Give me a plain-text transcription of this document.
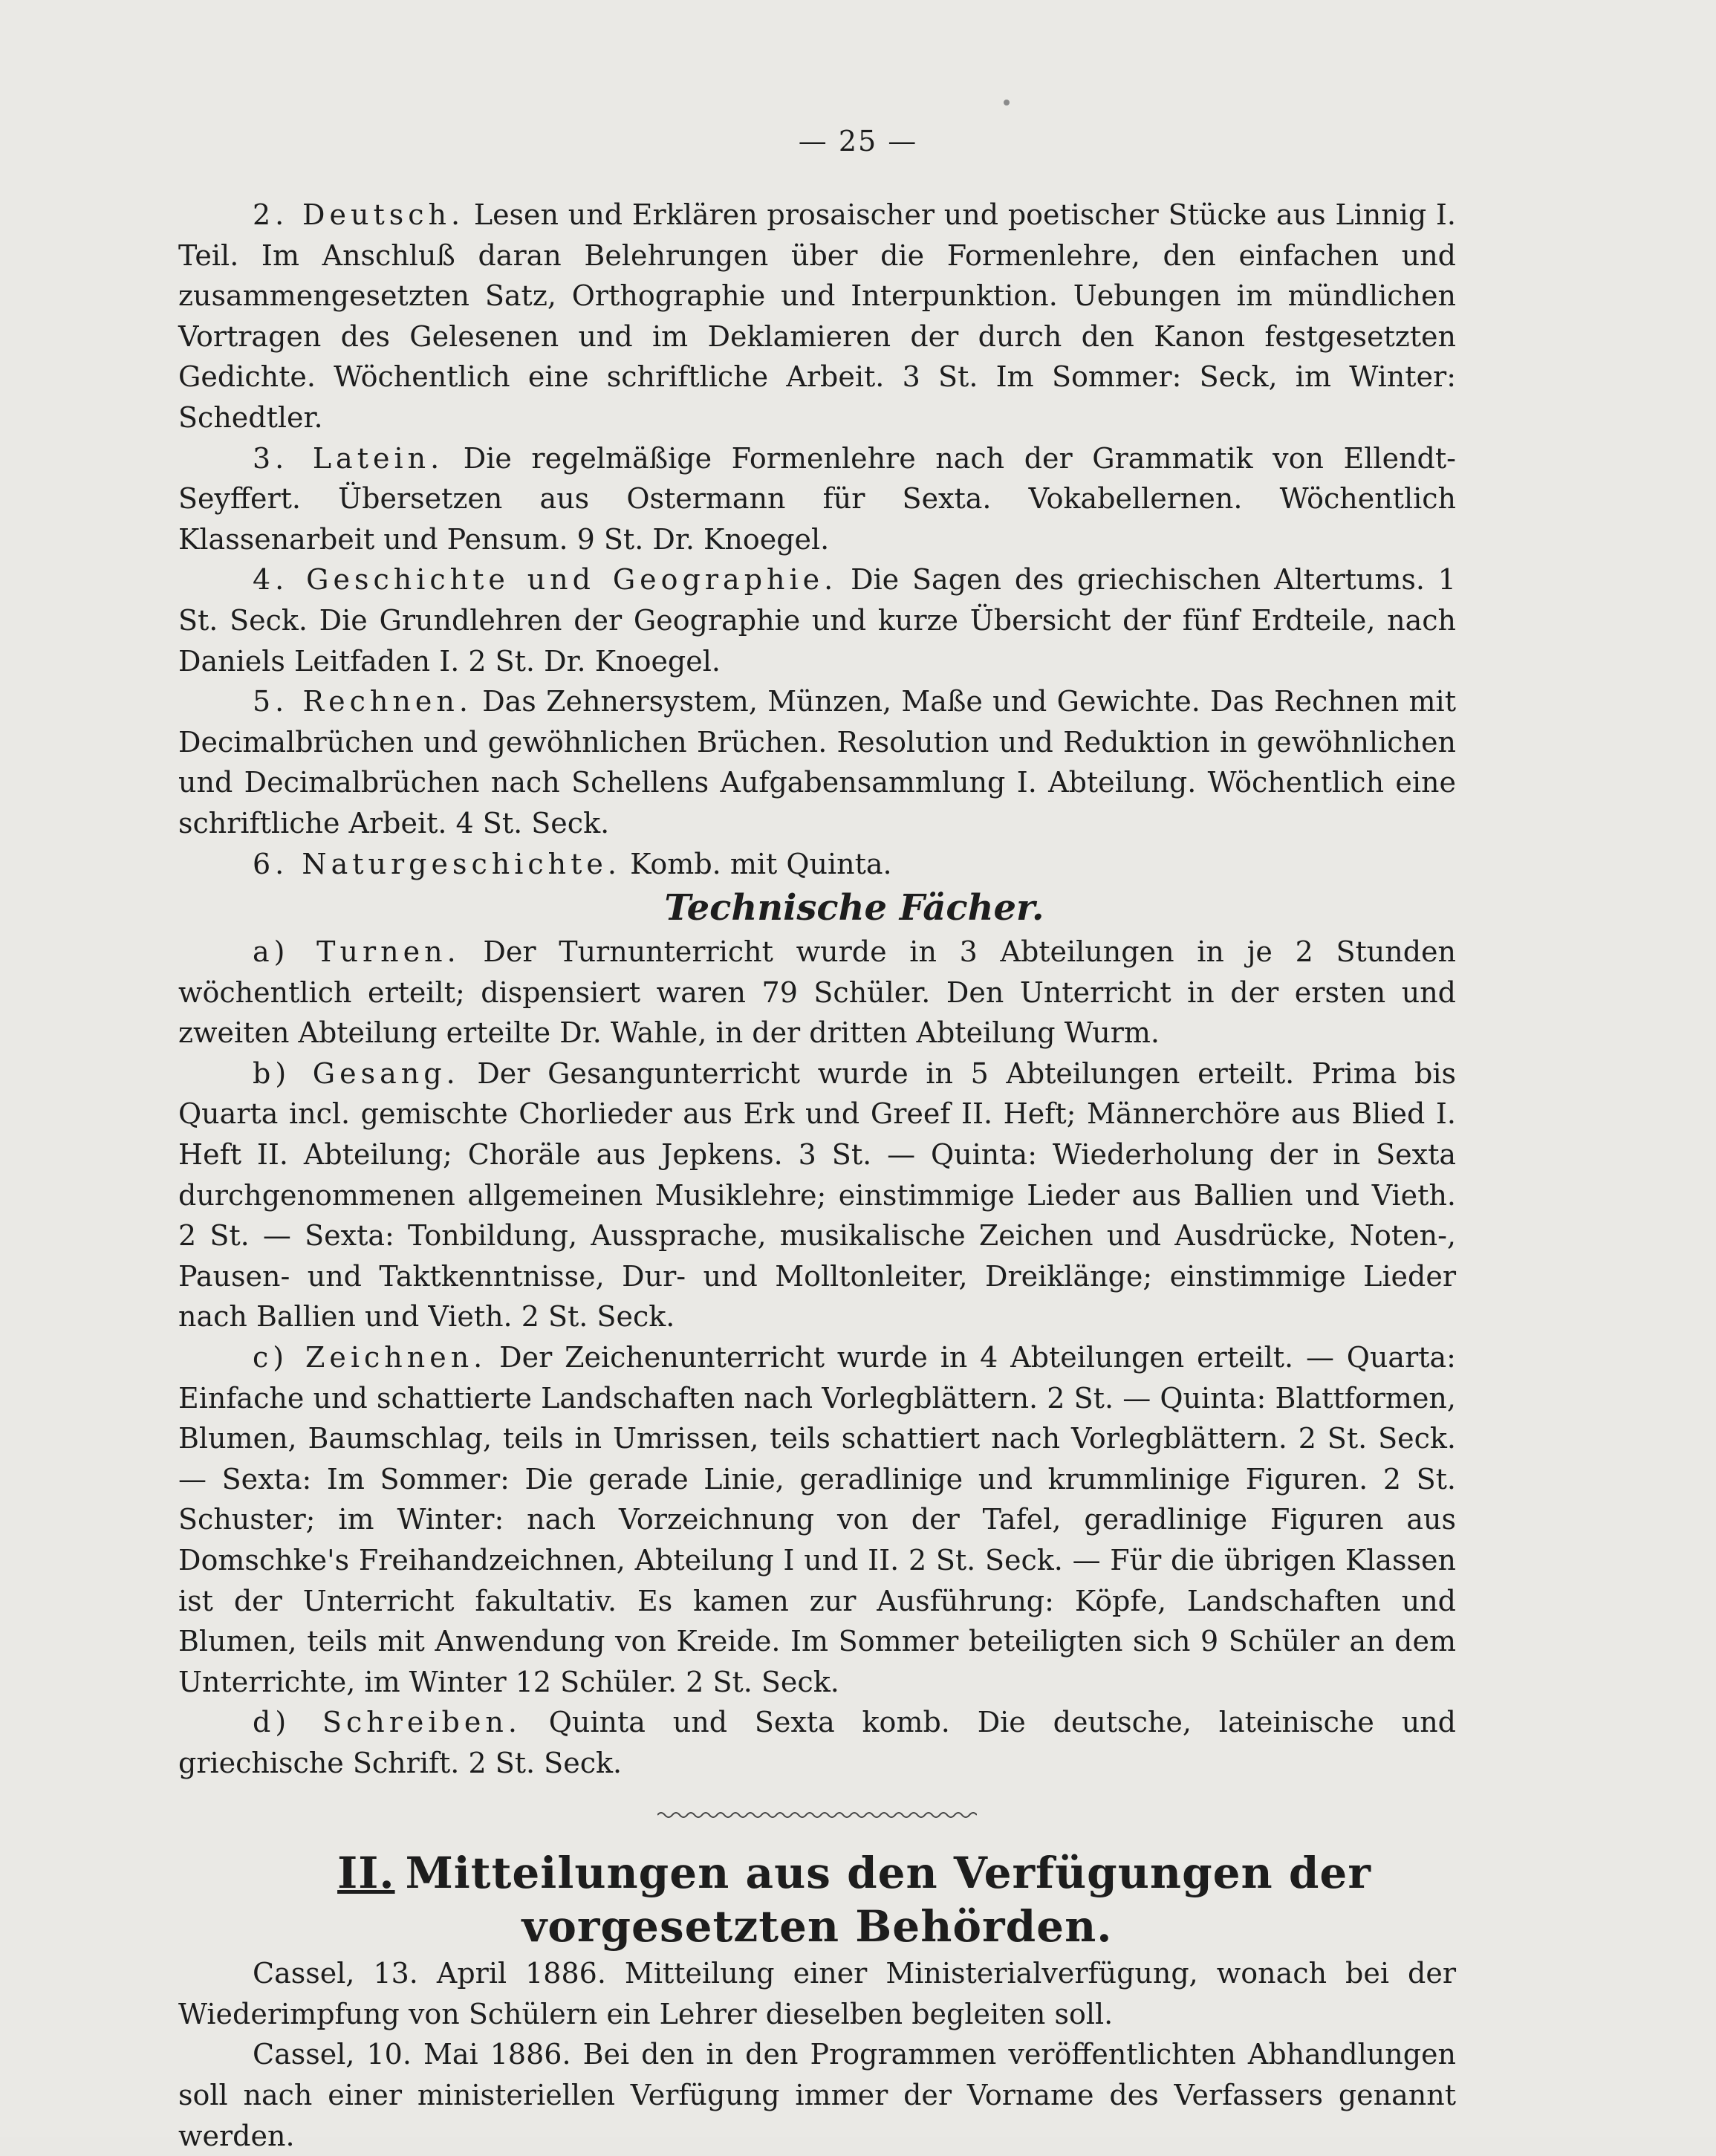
— 25 —

2. Deutsch. Lesen und Erklären prosaischer und poetischer Stücke aus Linnig I. Teil. Im Anschluß daran Belehrungen über die Formenlehre, den einfachen und zusammengesetzten Satz, Orthographie und Interpunktion. Uebungen im mündlichen Vortragen des Gelesenen und im Deklamieren der durch den Kanon festgesetzten Gedichte. Wöchentlich eine schriftliche Arbeit. 3 St. Im Sommer: Seck, im Winter: Schedtler.

3. Latein. Die regelmäßige Formenlehre nach der Grammatik von Ellendt-Seyffert. Übersetzen aus Ostermann für Sexta. Vokabellernen. Wöchentlich Klassenarbeit und Pensum. 9 St. Dr. Knoegel.

4. Geschichte und Geographie. Die Sagen des griechischen Altertums. 1 St. Seck. Die Grundlehren der Geographie und kurze Übersicht der fünf Erdteile, nach Daniels Leitfaden I. 2 St. Dr. Knoegel.

5. Rechnen. Das Zehnersystem, Münzen, Maße und Gewichte. Das Rechnen mit Decimalbrüchen und gewöhnlichen Brüchen. Resolution und Reduktion in gewöhnlichen und Decimalbrüchen nach Schellens Aufgabensammlung I. Abteilung. Wöchentlich eine schriftliche Arbeit. 4 St. Seck.

6. Naturgeschichte. Komb. mit Quinta.

Technische Fächer.

a) Turnen. Der Turnunterricht wurde in 3 Abteilungen in je 2 Stunden wöchentlich erteilt; dispensiert waren 79 Schüler. Den Unterricht in der ersten und zweiten Abteilung erteilte Dr. Wahle, in der dritten Abteilung Wurm.

b) Gesang. Der Gesangunterricht wurde in 5 Abteilungen erteilt. Prima bis Quarta incl. gemischte Chorlieder aus Erk und Greef II. Heft; Männerchöre aus Blied I. Heft II. Abteilung; Choräle aus Jepkens. 3 St. — Quinta: Wiederholung der in Sexta durchgenommenen allgemeinen Musiklehre; einstimmige Lieder aus Ballien und Vieth. 2 St. — Sexta: Tonbildung, Aussprache, musikalische Zeichen und Ausdrücke, Noten-, Pausen- und Taktkenntnisse, Dur- und Molltonleiter, Dreiklänge; einstimmige Lieder nach Ballien und Vieth. 2 St. Seck.

c) Zeichnen. Der Zeichenunterricht wurde in 4 Abteilungen erteilt. — Quarta: Einfache und schattierte Landschaften nach Vorlegblättern. 2 St. — Quinta: Blattformen, Blumen, Baumschlag, teils in Umrissen, teils schattiert nach Vorlegblättern. 2 St. Seck. — Sexta: Im Sommer: Die gerade Linie, geradlinige und krummlinige Figuren. 2 St. Schuster; im Winter: nach Vorzeichnung von der Tafel, geradlinige Figuren aus Domschke's Freihandzeichnen, Abteilung I und II. 2 St. Seck. — Für die übrigen Klassen ist der Unterricht fakultativ. Es kamen zur Ausführung: Köpfe, Landschaften und Blumen, teils mit Anwendung von Kreide. Im Sommer beteiligten sich 9 Schüler an dem Unterrichte, im Winter 12 Schüler. 2 St. Seck.

d) Schreiben. Quinta und Sexta komb. Die deutsche, lateinische und griechische Schrift. 2 St. Seck.

II. Mitteilungen aus den Verfügungen der vorgesetzten Behörden.

Cassel, 13. April 1886. Mitteilung einer Ministerialverfügung, wonach bei der Wiederimpfung von Schülern ein Lehrer dieselben begleiten soll.

Cassel, 10. Mai 1886. Bei den in den Programmen veröffentlichten Abhandlungen soll nach einer ministeriellen Verfügung immer der Vorname des Verfassers genannt werden.
